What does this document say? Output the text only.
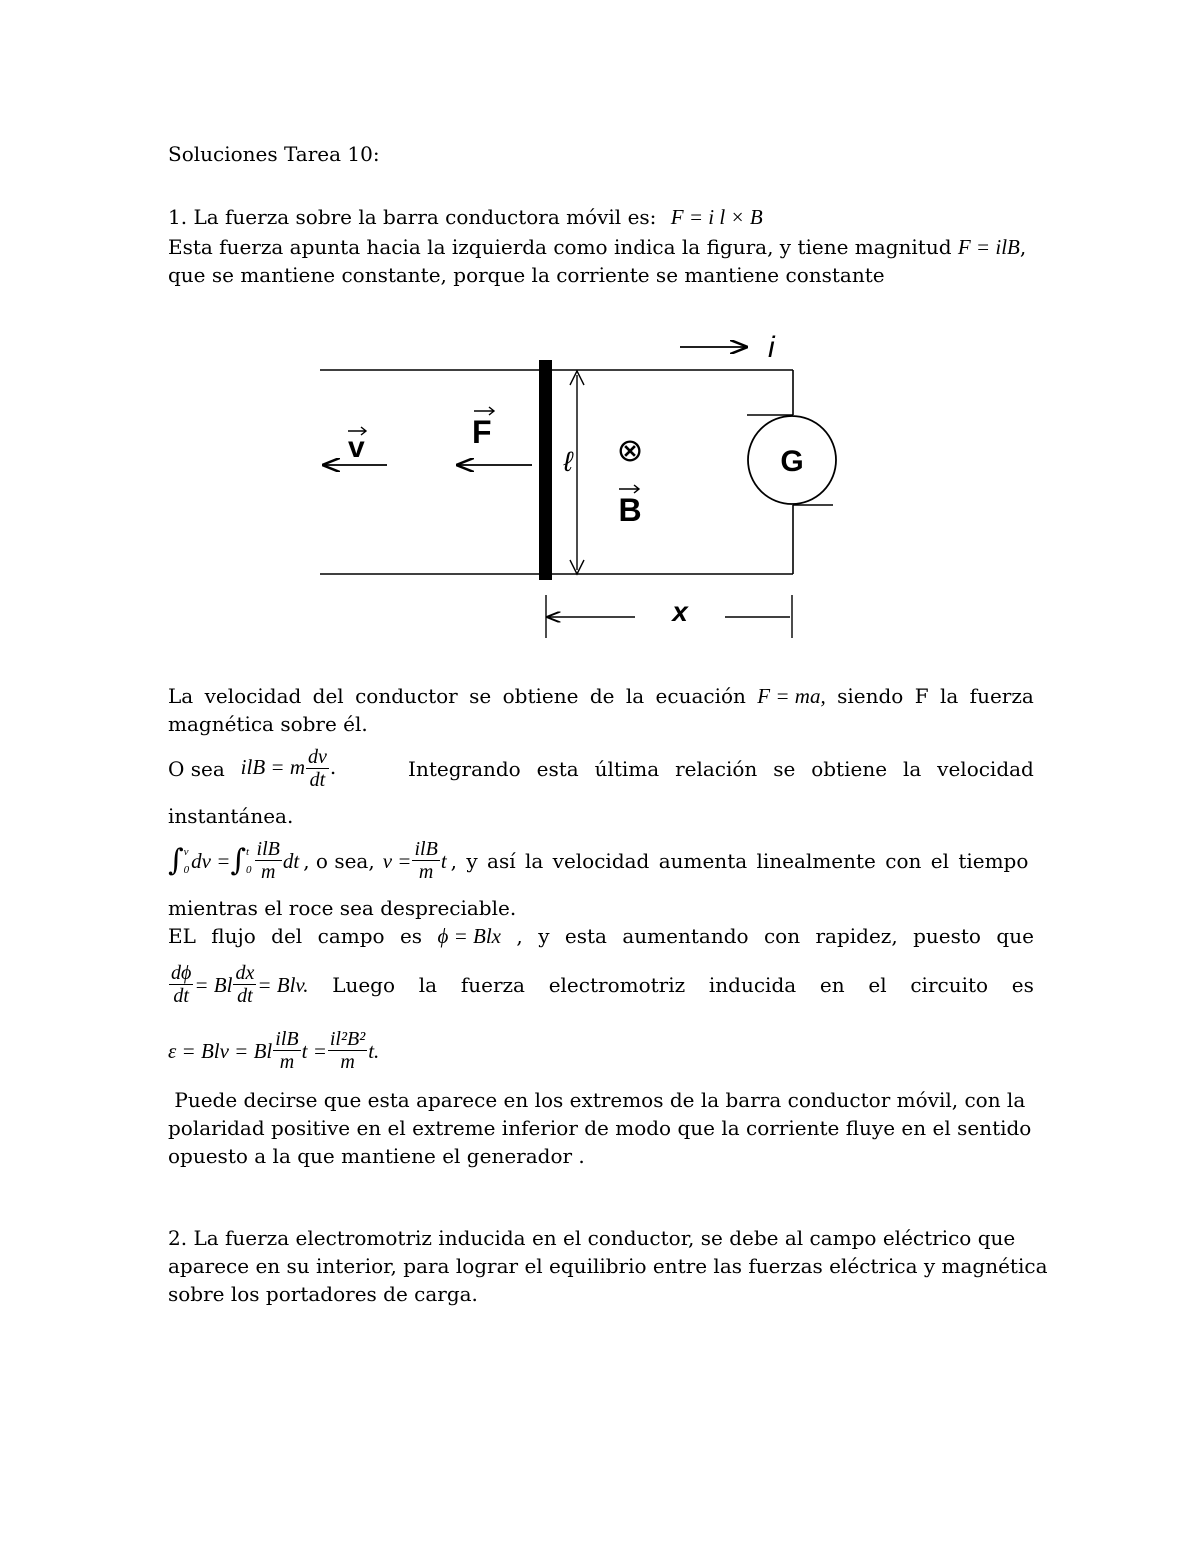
Soluciones Tarea 10:
1. La fuerza sobre la barra conductora móvil es: F = i l × B
Esta fuerza apunta hacia la izquierda como indica la figura, y tiene magnitud F = ilB,
que se mantiene constante, porque la corriente se mantiene constante
ℓ
i
v	F	⊗
B
G
x
La velocidad del conductor se obtiene de la ecuación F = ma, siendo F la fuerza
magnética sobre él.
O sea ilB = m $\frac{dv}{dt}$ .	Integrando esta última relación se obtiene la velocidad
instantánea.
∫ v
0 dv = ∫ t
$0 \frac{\text{ilB}}{m}$ dt , o sea, $v = \frac{\text{ilB}}{m}$ t , y así la velocidad aumenta linealmente con el tiempo
mientras el roce sea despreciable.
EL flujo del campo es ϕ = Blx , y esta aumentando con rapidez, puesto que
$\frac{d\phi}{dt} = Bl \frac{dx}{dt}$ = Blv. Luego la fuerza electromotriz inducida en el circuito es
ε = Blv = Bl $\frac{\text{ilB}}{m}$ $t = \frac{\text{il²B²}}{m} t$.
Puede decirse que esta aparece en los extremos de la barra conductor móvil, con la
polaridad positive en el extreme inferior de modo que la corriente fluye en el sentido
opuesto a la que mantiene el generador .
2. La fuerza electromotriz inducida en el conductor, se debe al campo eléctrico que
aparece en su interior, para lograr el equilibrio entre las fuerzas eléctrica y magnética
sobre los portadores de carga.
